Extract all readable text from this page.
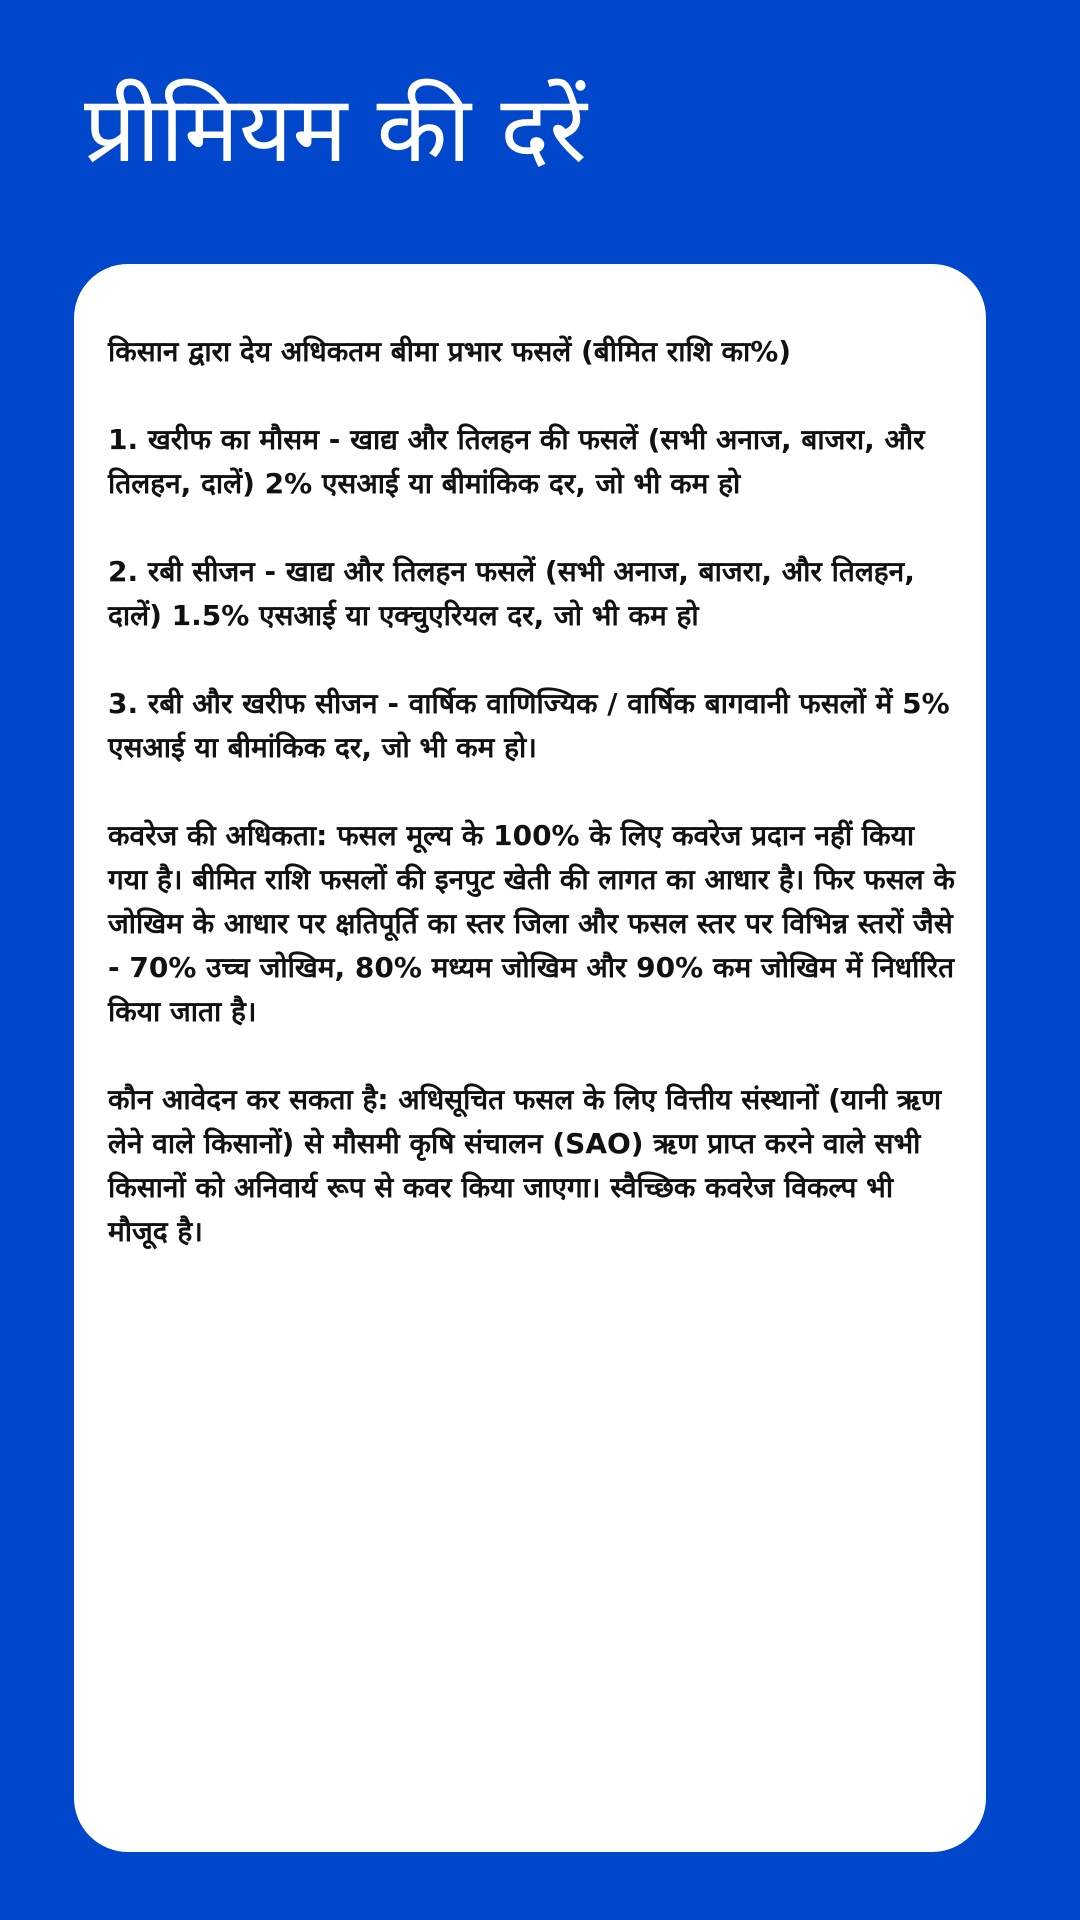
प्रीमियम की दरें

किसान द्वारा देय अधिकतम बीमा प्रभार फसलें (बीमित राशि का%)

1. खरीफ का मौसम - खाद्य और तिलहन की फसलें (सभी अनाज, बाजरा, और तिलहन, दालें) 2% एसआई या बीमांकिक दर, जो भी कम हो

2. रबी सीजन - खाद्य और तिलहन फसलें (सभी अनाज, बाजरा, और तिलहन, दालें) 1.5% एसआई या एक्चुएरियल दर, जो भी कम हो

3. रबी और खरीफ सीजन - वार्षिक वाणिज्यिक / वार्षिक बागवानी फसलों में 5% एसआई या बीमांकिक दर, जो भी कम हो।

कवरेज की अधिकता: फसल मूल्य के 100% के लिए कवरेज प्रदान नहीं किया गया है। बीमित राशि फसलों की इनपुट खेती की लागत का आधार है। फिर फसल के जोखिम के आधार पर क्षतिपूर्ति का स्तर जिला और फसल स्तर पर विभिन्न स्तरों जैसे - 70% उच्च जोखिम, 80% मध्यम जोखिम और 90% कम जोखिम में निर्धारित किया जाता है।

कौन आवेदन कर सकता है: अधिसूचित फसल के लिए वित्तीय संस्थानों (यानी ऋण लेने वाले किसानों) से मौसमी कृषि संचालन (SAO) ऋण प्राप्त करने वाले सभी किसानों को अनिवार्य रूप से कवर किया जाएगा। स्वैच्छिक कवरेज विकल्प भी मौजूद है।
